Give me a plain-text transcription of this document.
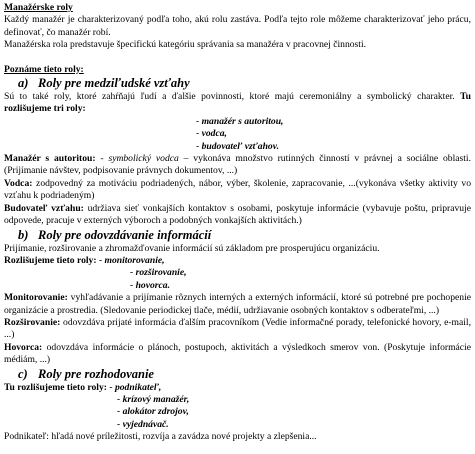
Manažérske roly

Každý manažér je charakterizovaný podľa toho, akú rolu zastáva. Podľa tejto role môžeme charakterizovať jeho prácu, definovať, čo manažér robí.

Manažérska rola predstavuje špecifickú kategóriu správania sa manažéra v pracovnej činnosti.

Poznáme tieto roly:

a) Roly pre medziľudské vzťahy

Sú to také roly, ktoré zahŕňajú ľudí a ďalšie povinnosti, ktoré majú ceremoniálny a symbolický charakter. Tu rozlišujeme tri roly:

- manažér s autoritou,
- vodca,
- budovateľ vzťahov.

Manažér s autoritou: - symbolický vodca – vykonáva množstvo rutinných činností v právnej a sociálne oblasti. (Prijímanie návštev, podpisovanie právnych dokumentov, ...)

Vodca: zodpovedný za motiváciu podriadených, nábor, výber, školenie, zapracovanie, ...(vykonáva všetky aktivity vo vzťahu k podriadeným)

Budovateľ vzťahu: udržiava sieť vonkajších kontaktov s osobami, poskytuje informácie (vybavuje poštu, pripravuje odpovede, pracuje v externých výboroch a podobných vonkajších aktivitách.)

b) Roly pre odovzdávanie informácií

Prijímanie, rozširovanie a zhromažďovanie informácií sú základom pre prosperujúcu organizáciu.

Rozlišujeme tieto roly: - monitorovanie,

- rozširovanie,
- hovorca.

Monitorovanie: vyhľadávanie a prijímanie rôznych interných a externých informácií, ktoré sú potrebné pre pochopenie organizácie a prostredia. (Sledovanie periodickej tlače, médií, udržiavanie osobných kontaktov s odberateľmi, ...)

Rozširovanie: odovzdáva prijaté informácia ďalším pracovníkom (Vedie informačné porady, telefonické hovory, e-mail, ...)

Hovorca: odovzdáva informácie o plánoch, postupoch, aktivitách a výsledkoch smerov von. (Poskytuje informácie médiám, ...)

c) Roly pre rozhodovanie

Tu rozlišujeme tieto roly: - podnikateľ,

- krízový manažér,
- alokátor zdrojov,
- vyjednávač.

Podnikateľ: hľadá nové príležitosti, rozvíja a zavádza nové projekty a zlepšenia...
